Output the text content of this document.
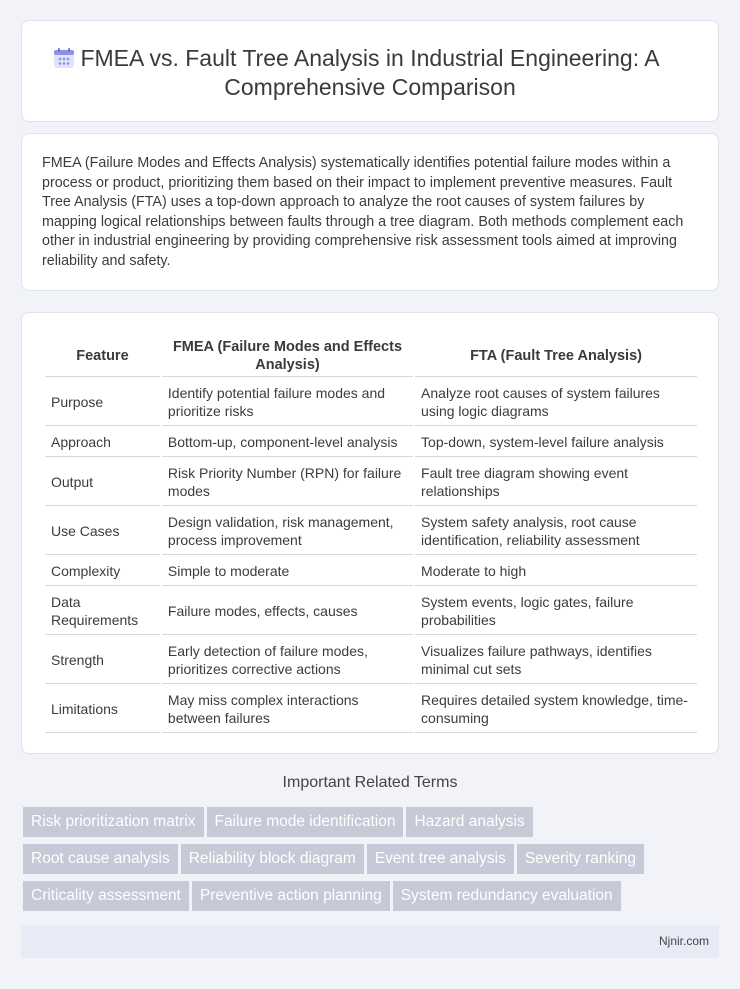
FMEA vs. Fault Tree Analysis in Industrial Engineering: A
Comprehensive Comparison

FMEA (Failure Modes and Effects Analysis) systematically identifies potential failure modes within a process or product, prioritizing them based on their impact to implement preventive measures. Fault Tree Analysis (FTA) uses a top-down approach to analyze the root causes of system failures by mapping logical relationships between faults through a tree diagram. Both methods complement each other in industrial engineering by providing comprehensive risk assessment tools aimed at improving reliability and safety.

Feature	FMEA (Failure Modes and Effects Analysis)	FTA (Fault Tree Analysis)
Purpose	Identify potential failure modes and prioritize risks	Analyze root causes of system failures using logic diagrams
Approach	Bottom-up, component-level analysis	Top-down, system-level failure analysis
Output	Risk Priority Number (RPN) for failure modes	Fault tree diagram showing event relationships
Use Cases	Design validation, risk management, process improvement	System safety analysis, root cause identification, reliability assessment
Complexity	Simple to moderate	Moderate to high
Data Requirements	Failure modes, effects, causes	System events, logic gates, failure probabilities
Strength	Early detection of failure modes, prioritizes corrective actions	Visualizes failure pathways, identifies minimal cut sets
Limitations	May miss complex interactions between failures	Requires detailed system knowledge, time-consuming
Important Related Terms
Risk prioritization matrix Failure mode identification Hazard analysis
Root cause analysis Reliability block diagram Event tree analysis Severity ranking
Criticality assessment Preventive action planning System redundancy evaluation
Njnir.com
